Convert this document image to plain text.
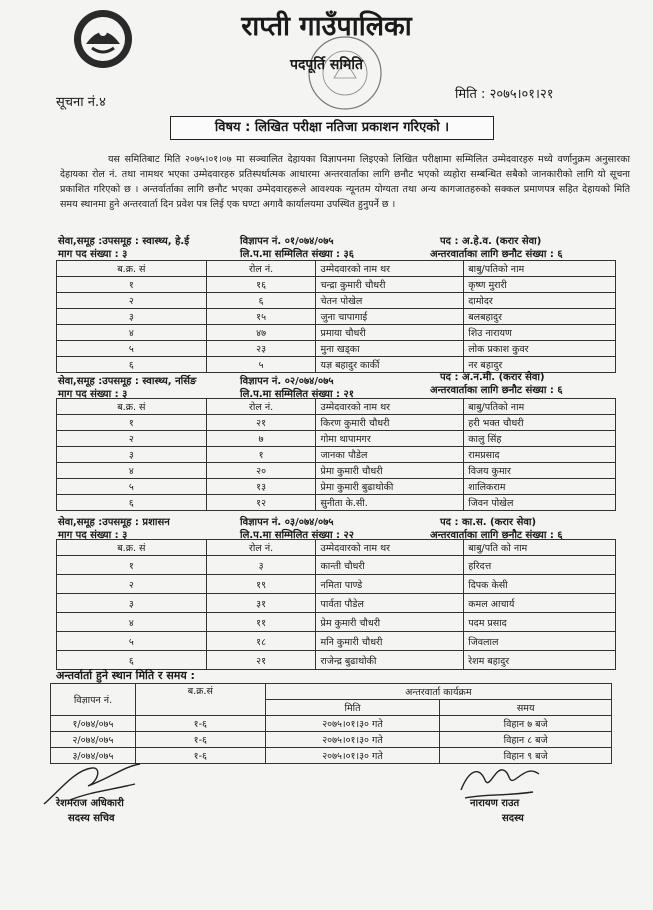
राप्ती गाउँपालिका
पदपूर्ति समिति
सूचना नं.४
मिति : २०७५।०१।२१
विषय : लिखित परीक्षा नतिजा प्रकाशन गरिएको ।
यस समितिबाट मिति २०७५।०१।०७ मा सञ्चालित देहायका विज्ञापनमा लिइएको लिखित परीक्षामा सम्मिलित उम्मेदवारहरु मध्ये वर्णानुक्रम अनुसारका देहायका रोल नं. तथा नामथर भएका उम्मेदवारहरु प्रतिस्पर्धात्मक आधारमा अन्तरवार्ताका लागि छनौट भएको व्यहोरा सम्बन्धित सबैको जानकारीको लागि यो सूचना प्रकाशित गरिएको छ । अन्तर्वार्ताका लागि छनौट भएका उम्मेदवारहरूले आवश्यक न्यूनतम योग्यता तथा अन्य कागजातहरुको सक्कल प्रमाणपत्र सहित देहायको मिति समय स्थानमा हुने अन्तरवार्ता दिन प्रवेश पत्र लिई एक घण्टा अगावै कार्यालयमा उपस्थित हुनुपर्ने छ ।
सेवा,समूह :उपसमूह : स्वास्थ्य, हे.ई	विज्ञापन नं. ०१/०७४/०७५	पद : अ.हे.व. (करार सेवा)
माग पद संख्या : ३	लि.प.मा सम्मिलित संख्या : ३६	अन्तरवार्ताका लागि छनौट संख्या : ६
ब.क्र. सं	रोल नं.	उम्मेदवारको नाम थर	बाबु/पतिको नाम
१	१६	चन्द्रा कुमारी चौधरी	कृष्ण मुरारी
२	६	चेतन पोखेल	दामोदर
३	१५	जुना चापागाई	बलबहादुर
४	४७	प्रमाया चौधरी	शिउ नारायण
५	२३	मुना खड्का	लोक प्रकाश कुवर
६	५	यज्ञ बहादुर कार्की	नर बहादुर
सेवा,समूह :उपसमूह : स्वास्थ्य, नर्सिङ	विज्ञापन नं. ०२/०७४/०७५	पद : अ.न.मी. (करार सेवा)
माग पद संख्या : ३	लि.प.मा सम्मिलित संख्या : २१	अन्तरवार्ताका लागि छनौट संख्या : ६
ब.क्र. सं	रोल नं.	उम्मेदवारको नाम थर	बाबु/पतिको नाम
१	२१	किरण कुमारी चौधरी	हरी भक्त चौधरी
२	७	गोमा थापामगर	कालु सिंह
३	१	जानका पौडेल	रामप्रसाद
४	२०	प्रेमा कुमारी चौधरी	विजय कुमार
५	१३	प्रेमा कुमारी बुढाथोकी	शालिकराम
६	१२	सुनीता के.सी.	जिवन पोखेल
सेवा,समूह :उपसमूह : प्रशासन	विज्ञापन नं. ०३/०७४/०७५	पद : का.स. (करार सेवा)
माग पद संख्या : ३	लि.प.मा सम्मिलित संख्या : २२	अन्तरवार्ताका लागि छनौट संख्या : ६
ब.क्र. सं	रोल नं.	उम्मेदवारको नाम थर	बाबु/पति को नाम
१	३	कान्ती चौधरी	हरिदत्त
२	१९	नमिता पाण्डे	दिपक केसी
३	३१	पार्वता पौडेल	कमल आचार्य
४	११	प्रेम कुमारी चौधरी	पदम प्रसाद
५	१८	मनि कुमारी चौधरी	जिवलाल
६	२१	राजेन्द्र बुढाथोकी	रेशम बहादुर
अन्तर्वार्ता हुने स्थान मिति र समय :
विज्ञापन नं.	ब.क्र.सं	अन्तरवार्ता कार्यक्रम	
		मिति	समय
१/०७४/०७५	१-६	२०७५।०१।३० गते	विहान ७ बजे
२/०७४/०७५	१-६	२०७५।०१।३० गते	विहान ८ बजे
३/०७४/०७५	१-६	२०७५।०१।३० गते	विहान ९ बजे
रेशमराज अधिकारी
सदस्य सचिव
नारायण राउत
सदस्य
